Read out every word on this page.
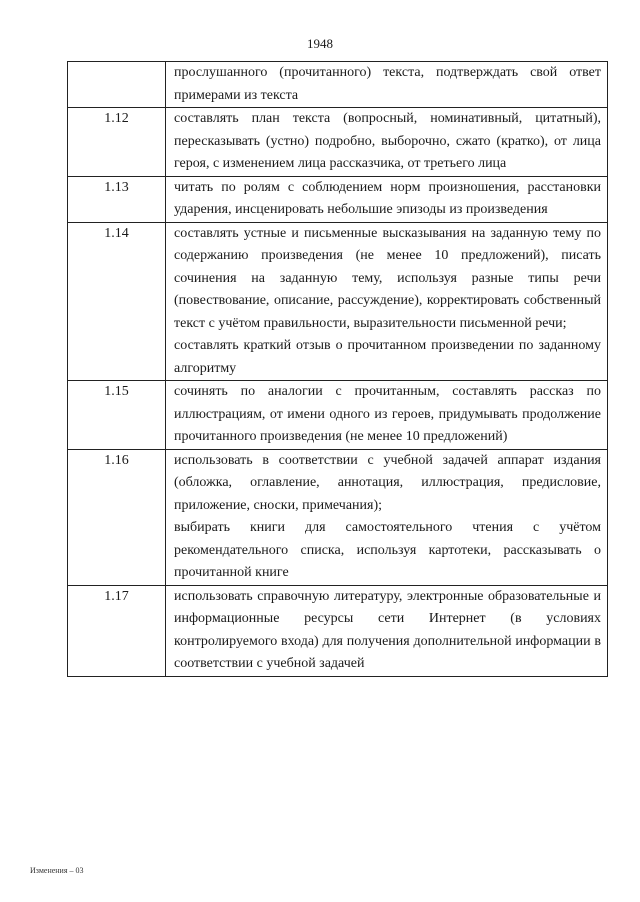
1948

	прослушанного (прочитанного) текста, подтверждать свой ответ примерами из текста

1.12	составлять план текста (вопросный, номинативный, цитатный), пересказывать (устно) подробно, выборочно, сжато (кратко), от лица героя, с изменением лица рассказчика, от третьего лица

1.13	читать по ролям с соблюдением норм произношения, расстановки ударения, инсценировать небольшие эпизоды из произведения

1.14	составлять устные и письменные высказывания на заданную тему по содержанию произведения (не менее 10 предложений), писать сочинения на заданную тему, используя разные типы речи (повествование, описание, рассуждение), корректировать собственный текст с учётом правильности, выразительности письменной речи;
составлять краткий отзыв о прочитанном произведении по заданному алгоритму

1.15	сочинять по аналогии с прочитанным, составлять рассказ по иллюстрациям, от имени одного из героев, придумывать продолжение прочитанного произведения (не менее 10 предложений)

1.16	использовать в соответствии с учебной задачей аппарат издания (обложка, оглавление, аннотация, иллюстрация, предисловие, приложение, сноски, примечания);
выбирать книги для самостоятельного чтения с учётом рекомендательного списка, используя картотеки, рассказывать о прочитанной книге

1.17	использовать справочную литературу, электронные образовательные и информационные ресурсы сети Интернет (в условиях контролируемого входа) для получения дополнительной информации в соответствии с учебной задачей
Изменения – 03
